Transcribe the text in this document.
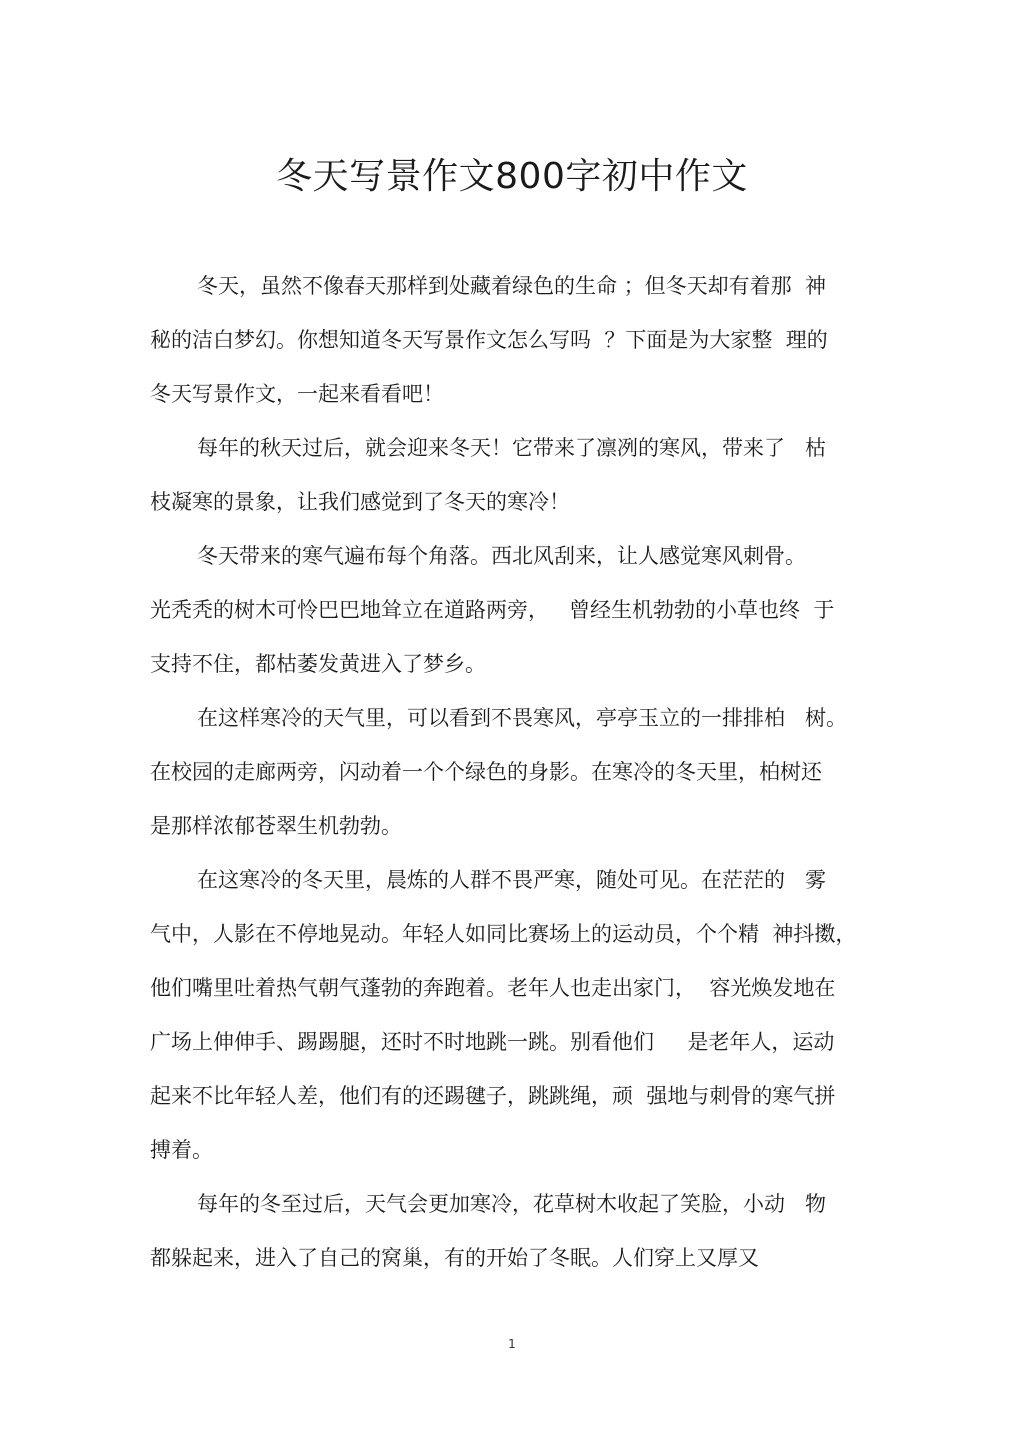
冬天写景作文800字初中作文
冬天，虽然不像春天那样到处藏着绿色的生命 ；但冬天却有着那  神
秘的洁白梦幻。你想知道冬天写景作文怎么写吗  ？下面是为大家整  理的
冬天写景作文，一起来看看吧！
每年的秋天过后，就会迎来冬天！它带来了凛冽的寒风，带来了   枯
枝凝寒的景象，让我们感觉到了冬天的寒冷！
冬天带来的寒气遍布每个角落。西北风刮来，让人感觉寒风刺骨。
光秃秃的树木可怜巴巴地耸立在道路两旁，   曾经生机勃勃的小草也终  于
支持不住，都枯萎发黄进入了梦乡。
在这样寒冷的天气里，可以看到不畏寒风，亭亭玉立的一排排柏   树。
在校园的走廊两旁，闪动着一个个绿色的身影。在寒冷的冬天里，柏树还
是那样浓郁苍翠生机勃勃。
在这寒冷的冬天里，晨炼的人群不畏严寒，随处可见。在茫茫的   雾
气中，人影在不停地晃动。年轻人如同比赛场上的运动员，个个精  神抖擞，
他们嘴里吐着热气朝气蓬勃的奔跑着。老年人也走出家门，  容光焕发地在
广场上伸伸手、踢踢腿，还时不时地跳一跳。别看他们     是老年人，运动
起来不比年轻人差，他们有的还踢毽子，跳跳绳，顽  强地与刺骨的寒气拼
搏着。
每年的冬至过后，天气会更加寒冷，花草树木收起了笑脸，小动   物
都躲起来，进入了自己的窝巢，有的开始了冬眠。人们穿上又厚又
1
